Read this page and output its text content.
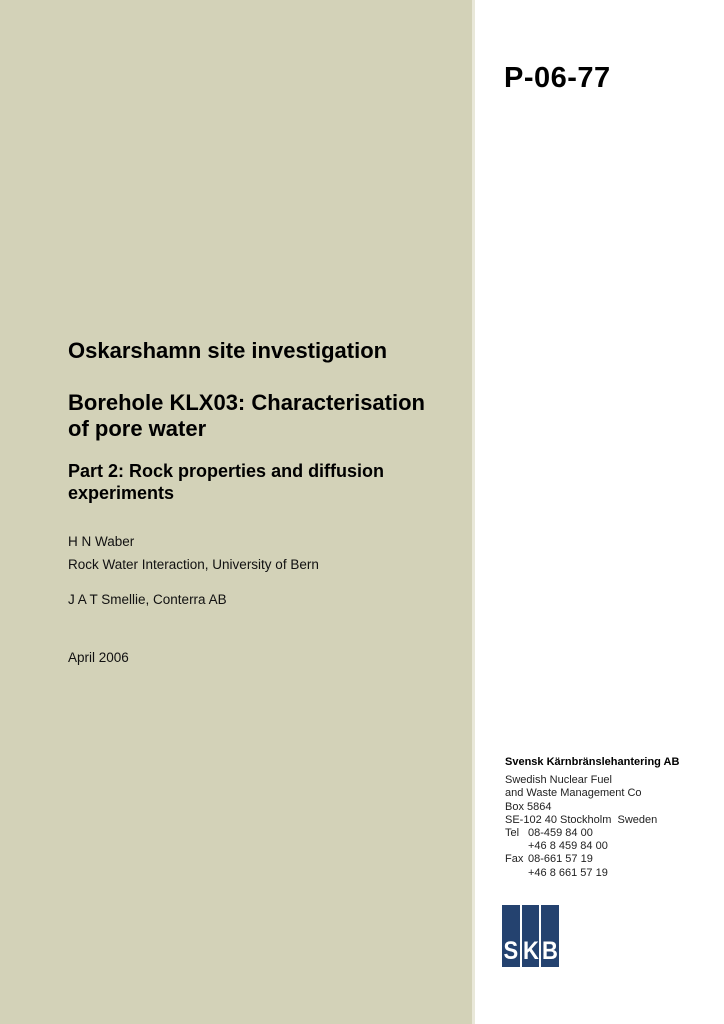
P-06-77
Oskarshamn site investigation
Borehole KLX03: Characterisation of pore water
Part 2: Rock properties and diffusion experiments
H N Waber
Rock Water Interaction, University of Bern
J A T Smellie, Conterra AB
April 2006
Svensk Kärnbränslehantering AB
Swedish Nuclear Fuel
and Waste Management Co
Box 5864
SE-102 40 Stockholm  Sweden
Tel 08-459 84 00
+46 8 459 84 00
Fax 08-661 57 19
+46 8 661 57 19
S K B
